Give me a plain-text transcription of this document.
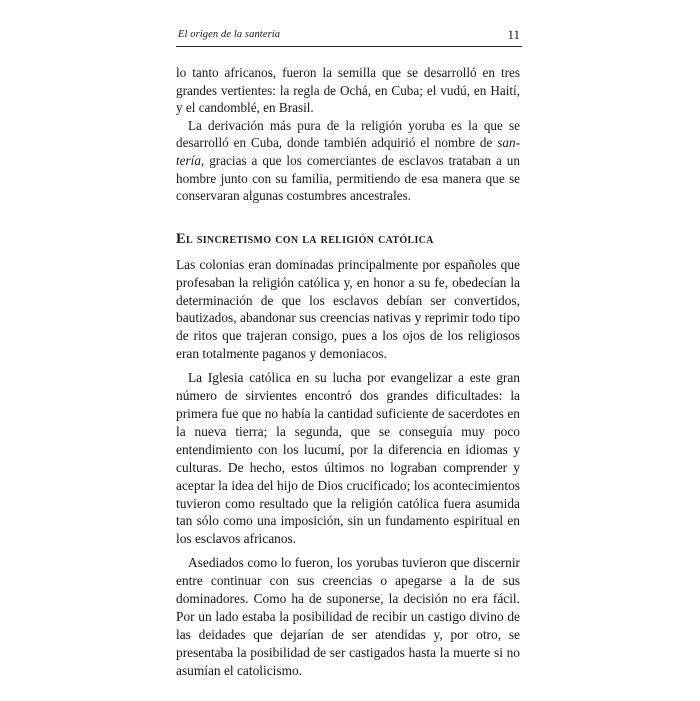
El origen de la santería	11

lo tanto africanos, fueron la semilla que se desarrolló en tres grandes vertientes: la regla de Ochá, en Cuba; el vudú, en Haití, y el candomblé, en Brasil.

La derivación más pura de la religión yoruba es la que se desarrolló en Cuba, donde también adquirió el nombre de santería, gracias a que los comerciantes de esclavos trataban a un hombre junto con su familia, permitiendo de esa manera que se conservaran algunas costumbres ancestrales.

El sincretismo con la religión católica

Las colonias eran dominadas principalmente por españoles que profesaban la religión católica y, en honor a su fe, obedecían la determinación de que los esclavos debían ser convertidos, bautizados, abandonar sus creencias nativas y reprimir todo tipo de ritos que trajeran consigo, pues a los ojos de los religiosos eran totalmente paganos y demoniacos.

La Iglesia católica en su lucha por evangelizar a este gran número de sirvientes encontró dos grandes dificultades: la primera fue que no había la cantidad suficiente de sacerdotes en la nueva tierra; la segunda, que se conseguía muy poco entendimiento con los lucumí, por la diferencia en idiomas y culturas. De hecho, estos últimos no lograban comprender y aceptar la idea del hijo de Dios crucificado; los acontecimientos tuvieron como resultado que la religión católica fuera asumida tan sólo como una imposición, sin un fundamento espiritual en los esclavos africanos.

Asediados como lo fueron, los yorubas tuvieron que discernir entre continuar con sus creencias o apegarse a la de sus dominadores. Como ha de suponerse, la decisión no era fácil. Por un lado estaba la posibilidad de recibir un castigo divino de las deidades que dejarían de ser atendidas y, por otro, se presentaba la posibilidad de ser castigados hasta la muerte si no asumían el catolicismo.
